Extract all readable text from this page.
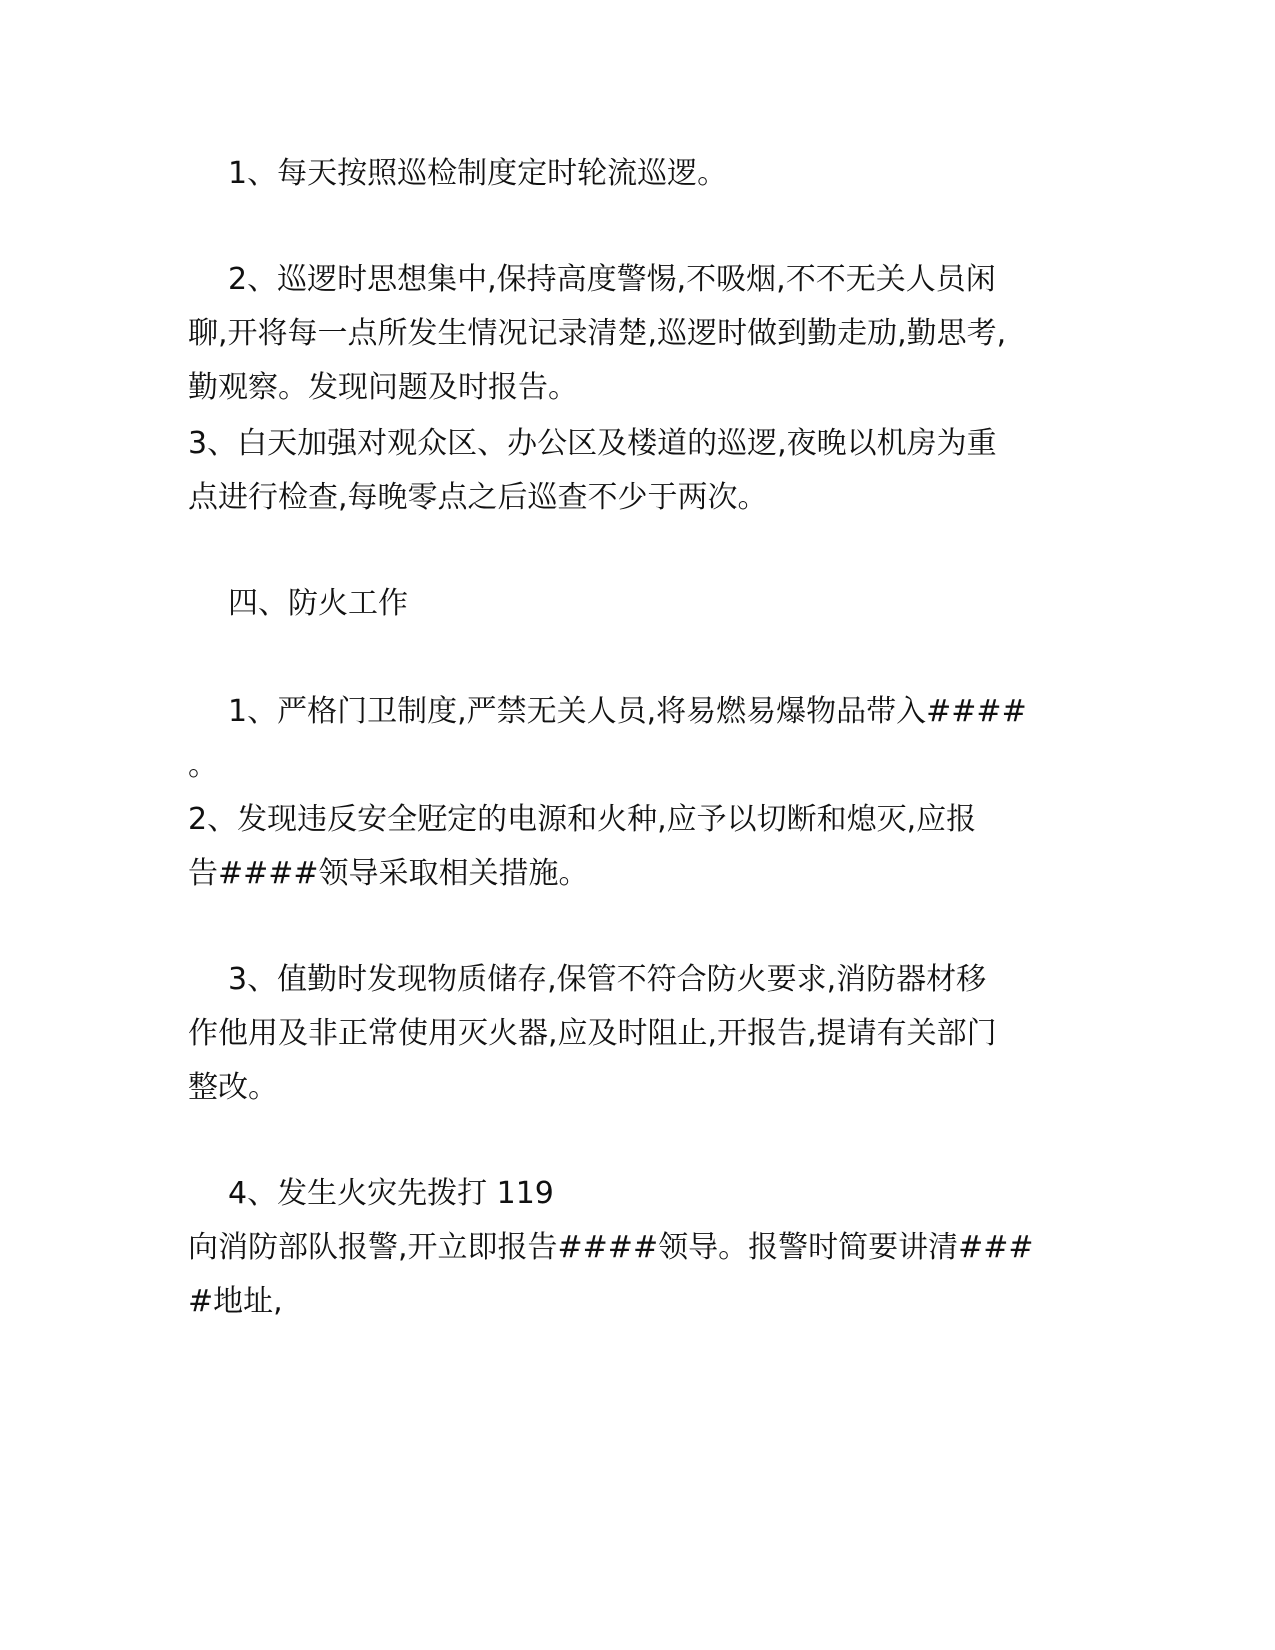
1、每天按照巡检制度定时轮流巡逻。
2、巡逻时思想集中,保持高度警惕,不吸烟,不不无关人员闲
聊,开将每一点所发生情况记录清楚,巡逻时做到勤走劢,勤思考,
勤观察。发现问题及时报告。
3、白天加强对观众区、办公区及楼道的巡逻,夜晚以机房为重
点进行检查,每晚零点之后巡查不少于两次。
四、防火工作
1、严格门卫制度,严禁无关人员,将易燃易爆物品带入####
。
2、发现违反安全觃定的电源和火种,应予以切断和熄灭,应报
告####领导采取相关措施。
3、值勤时发现物质储存,保管不符合防火要求,消防器材移
作他用及非正常使用灭火器,应及时阻止,开报告,提请有关部门
整改。
4、发生火灾先拨打 119
向消防部队报警,开立即报告####领导。报警时简要讲清###
#地址,
